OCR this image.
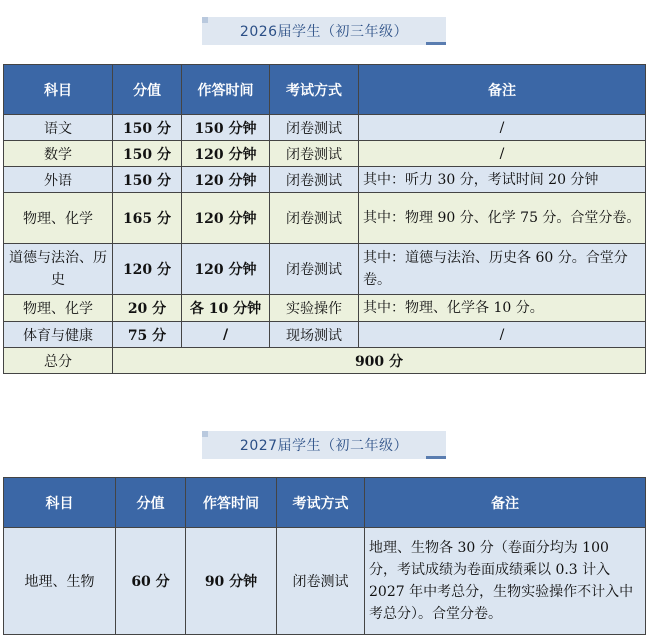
2026届学生（初三年级）
科目	分值	作答时间	考试方式	备注
语文	150 分	150 分钟	闭卷测试	/
数学	150 分	120 分钟	闭卷测试	/
外语	150 分	120 分钟	闭卷测试	其中：听力 30 分，考试时间 20 分钟
物理、化学	165 分	120 分钟	闭卷测试	其中：物理 90 分、化学 75 分。合堂分卷。
道德与法治、历史	120 分	120 分钟	闭卷测试	其中：道德与法治、历史各 60 分。合堂分卷。
物理、化学	20 分	各 10 分钟	实验操作	其中：物理、化学各 10 分。
体育与健康	75 分	/	现场测试	/
总分	900 分			
2027届学生（初二年级）
科目	分值	作答时间	考试方式	备注
地理、生物	60 分	90 分钟	闭卷测试	地理、生物各 30 分（卷面分均为 100 分，考试成绩为卷面成绩乘以 0.3 计入 2027 年中考总分，生物实验操作不计入中考总分）。合堂分卷。
